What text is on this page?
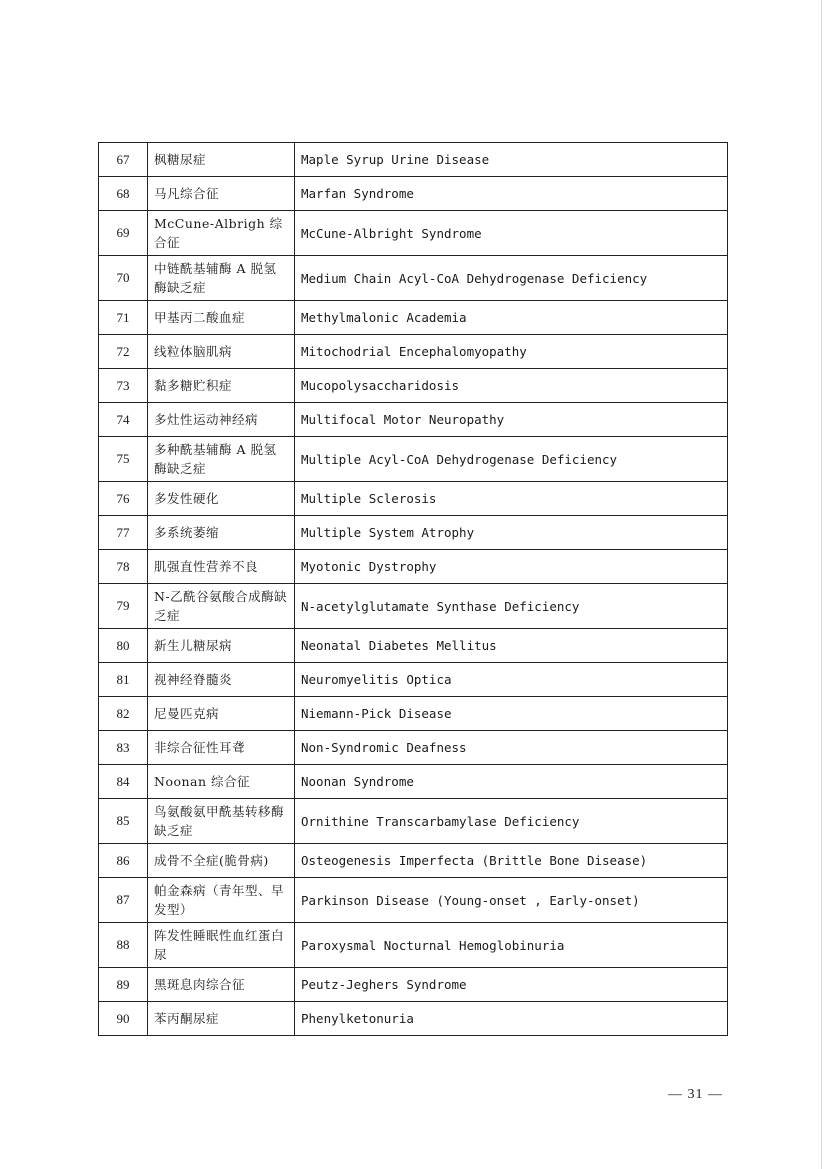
67	枫糖尿症	Maple Syrup Urine Disease
68	马凡综合征	Marfan Syndrome
69	McCune-Albrigh 综合征	McCune-Albright Syndrome
70	中链酰基辅酶 A 脱氢酶缺乏症	Medium Chain Acyl-CoA Dehydrogenase Deficiency
71	甲基丙二酸血症	Methylmalonic Academia
72	线粒体脑肌病	Mitochodrial Encephalomyopathy
73	黏多糖贮积症	Mucopolysaccharidosis
74	多灶性运动神经病	Multifocal Motor Neuropathy
75	多种酰基辅酶 A 脱氢酶缺乏症	Multiple Acyl-CoA Dehydrogenase Deficiency
76	多发性硬化	Multiple Sclerosis
77	多系统萎缩	Multiple System Atrophy
78	肌强直性营养不良	Myotonic Dystrophy
79	N-乙酰谷氨酸合成酶缺乏症	N-acetylglutamate Synthase Deficiency
80	新生儿糖尿病	Neonatal Diabetes Mellitus
81	视神经脊髓炎	Neuromyelitis Optica
82	尼曼匹克病	Niemann-Pick Disease
83	非综合征性耳聋	Non-Syndromic Deafness
84	Noonan 综合征	Noonan Syndrome
85	鸟氨酸氨甲酰基转移酶缺乏症	Ornithine Transcarbamylase Deficiency
86	成骨不全症(脆骨病)	Osteogenesis Imperfecta (Brittle Bone Disease)
87	帕金森病（青年型、早发型）	Parkinson Disease (Young-onset , Early-onset)
88	阵发性睡眠性血红蛋白尿	Paroxysmal Nocturnal Hemoglobinuria
89	黑斑息肉综合征	Peutz-Jeghers Syndrome
90	苯丙酮尿症	Phenylketonuria
— 31 —
